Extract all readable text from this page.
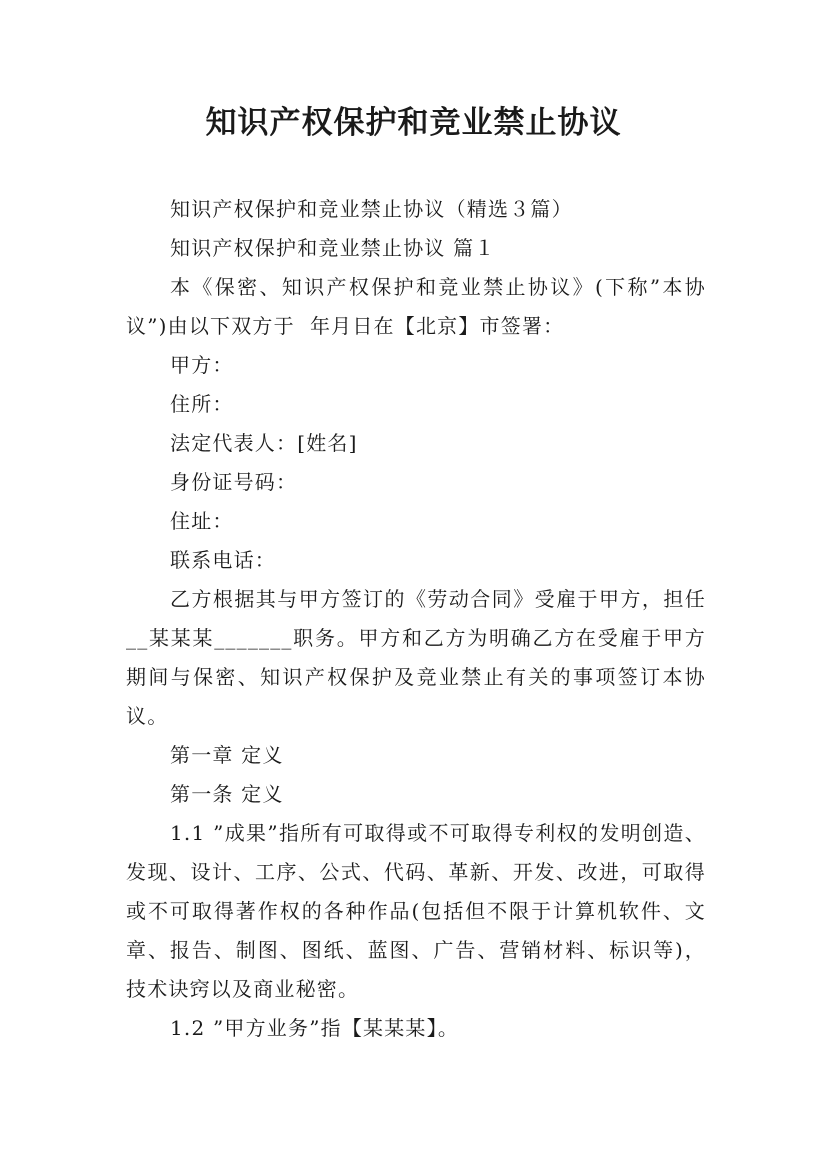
知识产权保护和竞业禁止协议

知识产权保护和竞业禁止协议（精选３篇）

知识产权保护和竞业禁止协议 篇１

本《保密、知识产权保护和竞业禁止协议》(下称”本协议”)由以下双方于  年月日在【北京】市签署：

甲方：

住所：

法定代表人：[姓名]

身份证号码：

住址：

联系电话：

乙方根据其与甲方签订的《劳动合同》受雇于甲方，担任__某某某_______职务。甲方和乙方为明确乙方在受雇于甲方期间与保密、知识产权保护及竞业禁止有关的事项签订本协议。

第一章 定义

第一条 定义

1.1 ”成果”指所有可取得或不可取得专利权的发明创造、发现、设计、工序、公式、代码、革新、开发、改进，可取得或不可取得著作权的各种作品(包括但不限于计算机软件、文章、报告、制图、图纸、蓝图、广告、营销材料、标识等)，技术诀窍以及商业秘密。

1.2 ”甲方业务”指【某某某】。
